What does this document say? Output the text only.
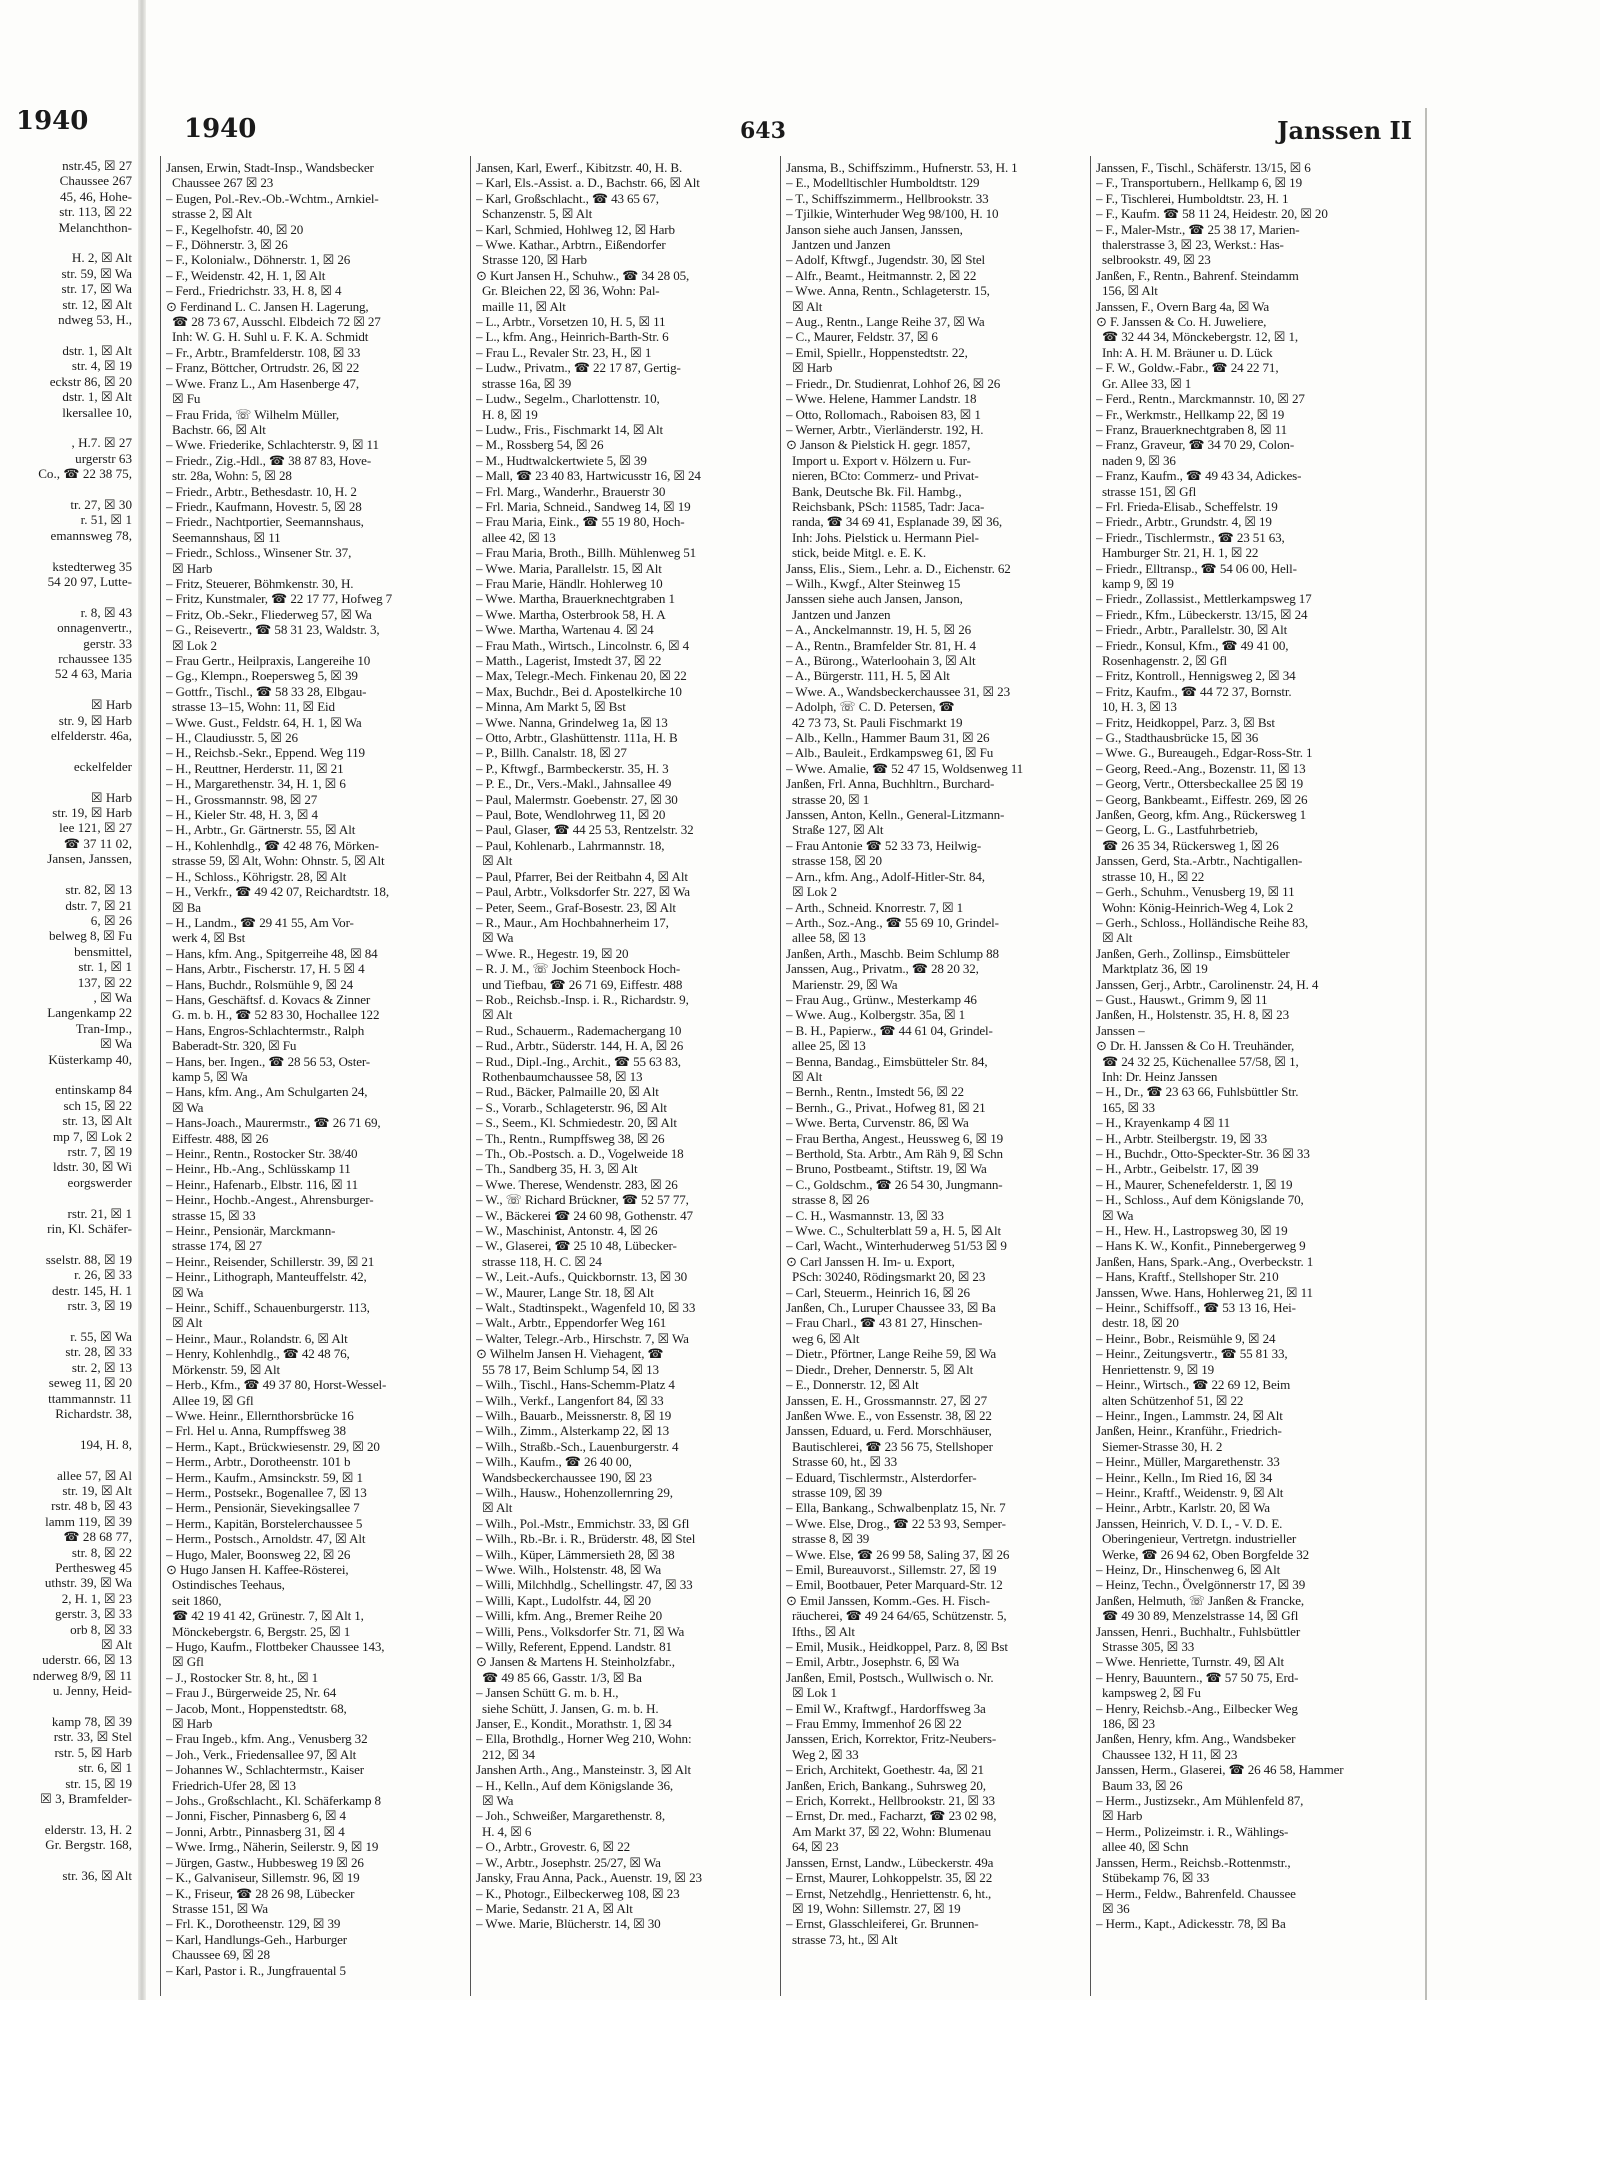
1940
nstr.45, ☒ 27
Chaussee 267
45, 46, Hohe-
str. 113, ☒ 22
Melanchthon-

H. 2, ☒ Alt
str. 59, ☒ Wa
str. 17, ☒ Wa
str. 12, ☒ Alt
ndweg 53, H.,

dstr. 1, ☒ Alt
str. 4, ☒ 19
eckstr 86, ☒ 20
dstr. 1, ☒ Alt
lkersallee 10,

, H.7. ☒ 27
urgerstr 63
Co., ☎ 22 38 75,

tr. 27, ☒ 30
r. 51, ☒ 1
emannsweg 78,

kstedterweg 35
54 20 97, Lutte-

r. 8, ☒ 43
onnagenvertr.,
gerstr. 33
rchaussee 135
52 4 63, Maria

☒ Harb
str. 9, ☒ Harb
elfelderstr. 46a,

eckelfelder

☒ Harb
str. 19, ☒ Harb
lee 121, ☒ 27
☎ 37 11 02,
Jansen, Janssen,

str. 82, ☒ 13
dstr. 7, ☒ 21
6, ☒ 26
belweg 8, ☒ Fu
bensmittel,
str. 1, ☒ 1
137, ☒ 22
, ☒ Wa
Langenkamp 22
Tran-Imp.,
☒ Wa
Küsterkamp 40,

entinskamp 84
sch 15, ☒ 22
str. 13, ☒ Alt
mp 7, ☒ Lok 2
rstr. 7, ☒ 19
ldstr. 30, ☒ Wi
eorgswerder

rstr. 21, ☒ 1
rin, Kl. Schäfer-

sselstr. 88, ☒ 19
r. 26, ☒ 33
destr. 145, H. 1
rstr. 3, ☒ 19

r. 55, ☒ Wa
str. 28, ☒ 33
str. 2, ☒ 13
seweg 11, ☒ 20
ttammannstr. 11
Richardstr. 38,

194, H. 8,

allee 57, ☒ Al
str. 19, ☒ Alt
rstr. 48 b, ☒ 43
lamm 119, ☒ 39
☎ 28 68 77,
str. 8, ☒ 22
Perthesweg 45
uthstr. 39, ☒ Wa
2, H. 1, ☒ 23
gerstr. 3, ☒ 33
orb 8, ☒ 33
☒ Alt
uderstr. 66, ☒ 13
nderweg 8/9, ☒ 11
u. Jenny, Heid-

kamp 78, ☒ 39
rstr. 33, ☒ Stel
rstr. 5, ☒ Harb
str. 6, ☒ 1
str. 15, ☒ 19
☒ 3, Bramfelder-

elderstr. 13, H. 2
Gr. Bergstr. 168,

str. 36, ☒ Alt
1940	643	Janssen II
Jansen, Erwin, Stadt-Insp., Wandsbecker
Chaussee 267 ☒ 23
– Eugen, Pol.-Rev.-Ob.-Wchtm., Arnkiel-
strasse 2, ☒ Alt
– F., Kegelhofstr. 40, ☒ 20
– F., Döhnerstr. 3, ☒ 26
– F., Kolonialw., Döhnerstr. 1, ☒ 26
– F., Weidenstr. 42, H. 1, ☒ Alt
– Ferd., Friedrichstr. 33, H. 8, ☒ 4
⊙ Ferdinand L. C. Jansen H. Lagerung,
☎ 28 73 67, Ausschl. Elbdeich 72 ☒ 27
Inh: W. G. H. Suhl u. F. K. A. Schmidt
– Fr., Arbtr., Bramfelderstr. 108, ☒ 33
– Franz, Böttcher, Ortrudstr. 26, ☒ 22
– Wwe. Franz L., Am Hasenberge 47,
☒ Fu
– Frau Frida, ☏ Wilhelm Müller,
Bachstr. 66, ☒ Alt
– Wwe. Friederike, Schlachterstr. 9, ☒ 11
– Friedr., Zig.-Hdl., ☎ 38 87 83, Hove-
str. 28a, Wohn: 5, ☒ 28
– Friedr., Arbtr., Bethesdastr. 10, H. 2
– Friedr., Kaufmann, Hovestr. 5, ☒ 28
– Friedr., Nachtportier, Seemannshaus,
Seemannshaus, ☒ 11
– Friedr., Schloss., Winsener Str. 37,
☒ Harb
– Fritz, Steuerer, Böhmkenstr. 30, H.
– Fritz, Kunstmaler, ☎ 22 17 77, Hofweg 7
– Fritz, Ob.-Sekr., Fliederweg 57, ☒ Wa
– G., Reisevertr., ☎ 58 31 23, Waldstr. 3,
☒ Lok 2
– Frau Gertr., Heilpraxis, Langereihe 10
– Gg., Klempn., Roepersweg 5, ☒ 39
– Gottfr., Tischl., ☎ 58 33 28, Elbgau-
strasse 13–15, Wohn: 11, ☒ Eid
– Wwe. Gust., Feldstr. 64, H. 1, ☒ Wa
– H., Claudiusstr. 5, ☒ 26
– H., Reichsb.-Sekr., Eppend. Weg 119
– H., Reuttner, Herderstr. 11, ☒ 21
– H., Margarethenstr. 34, H. 1, ☒ 6
– H., Grossmannstr. 98, ☒ 27
– H., Kieler Str. 48, H. 3, ☒ 4
– H., Arbtr., Gr. Gärtnerstr. 55, ☒ Alt
– H., Kohlenhdlg., ☎ 42 48 76, Mörken-
strasse 59, ☒ Alt, Wohn: Ohnstr. 5, ☒ Alt
– H., Schloss., Köhrigstr. 28, ☒ Alt
– H., Verkfr., ☎ 49 42 07, Reichardtstr. 18,
☒ Ba
– H., Landm., ☎ 29 41 55, Am Vor-
werk 4, ☒ Bst
– Hans, kfm. Ang., Spitgerreihe 48, ☒ 84
– Hans, Arbtr., Fischerstr. 17, H. 5 ☒ 4
– Hans, Buchdr., Rolsmühle 9, ☒ 24
– Hans, Geschäftsf. d. Kovacs & Zinner
G. m. b. H., ☎ 52 83 30, Hochallee 122
– Hans, Engros-Schlachtermstr., Ralph
Baberadt-Str. 320, ☒ Fu
– Hans, ber. Ingen., ☎ 28 56 53, Oster-
kamp 5, ☒ Wa
– Hans, kfm. Ang., Am Schulgarten 24,
☒ Wa
– Hans-Joach., Maurermstr., ☎ 26 71 69,
Eiffestr. 488, ☒ 26
– Heinr., Rentn., Rostocker Str. 38/40
– Heinr., Hb.-Ang., Schlüsskamp 11
– Heinr., Hafenarb., Elbstr. 116, ☒ 11
– Heinr., Hochb.-Angest., Ahrensburger-
strasse 15, ☒ 33
– Heinr., Pensionär, Marckmann-
strasse 174, ☒ 27
– Heinr., Reisender, Schillerstr. 39, ☒ 21
– Heinr., Lithograph, Manteuffelstr. 42,
☒ Wa
– Heinr., Schiff., Schauenburgerstr. 113,
☒ Alt
– Heinr., Maur., Rolandstr. 6, ☒ Alt
– Henry, Kohlenhdlg., ☎ 42 48 76,
Mörkenstr. 59, ☒ Alt
– Herb., Kfm., ☎ 49 37 80, Horst-Wessel-
Allee 19, ☒ Gfl
– Wwe. Heinr., Ellernthorsbrücke 16
– Frl. Hel u. Anna, Rumpffsweg 38
– Herm., Kapt., Brückwiesenstr. 29, ☒ 20
– Herm., Arbtr., Dorotheenstr. 101 b
– Herm., Kaufm., Amsinckstr. 59, ☒ 1
– Herm., Postsekr., Bogenallee 7, ☒ 13
– Herm., Pensionär, Sievekingsallee 7
– Herm., Kapitän, Borstelerchaussee 5
– Herm., Postsch., Arnoldstr. 47, ☒ Alt
– Hugo, Maler, Boonsweg 22, ☒ 26
⊙ Hugo Jansen H. Kaffee-Rösterei,
Ostindisches Teehaus,
seit 1860,
☎ 42 19 41 42, Grünestr. 7, ☒ Alt 1,
Mönckebergstr. 6, Bergstr. 25, ☒ 1
– Hugo, Kaufm., Flottbeker Chaussee 143,
☒ Gfl
– J., Rostocker Str. 8, ht., ☒ 1
– Frau J., Bürgerweide 25, Nr. 64
– Jacob, Mont., Hoppenstedtstr. 68,
☒ Harb
– Frau Ingeb., kfm. Ang., Venusberg 32
– Joh., Verk., Friedensallee 97, ☒ Alt
– Johannes W., Schlachtermstr., Kaiser
Friedrich-Ufer 28, ☒ 13
– Johs., Großschlacht., Kl. Schäferkamp 8
– Jonni, Fischer, Pinnasberg 6, ☒ 4
– Jonni, Arbtr., Pinnasberg 31, ☒ 4
– Wwe. Irmg., Näherin, Seilerstr. 9, ☒ 19
– Jürgen, Gastw., Hubbesweg 19 ☒ 26
– K., Galvaniseur, Sillemstr. 96, ☒ 19
– K., Friseur, ☎ 28 26 98, Lübecker
Strasse 151, ☒ Wa
– Frl. K., Dorotheenstr. 129, ☒ 39
– Karl, Handlungs-Geh., Harburger
Chaussee 69, ☒ 28
– Karl, Pastor i. R., Jungfrauental 5
Jansen, Karl, Ewerf., Kibitzstr. 40, H. B.
– Karl, Els.-Assist. a. D., Bachstr. 66, ☒ Alt
– Karl, Großschlacht., ☎ 43 65 67,
Schanzenstr. 5, ☒ Alt
– Karl, Schmied, Hohlweg 12, ☒ Harb
– Wwe. Kathar., Arbtrn., Eißendorfer
Strasse 120, ☒ Harb
⊙ Kurt Jansen H., Schuhw., ☎ 34 28 05,
Gr. Bleichen 22, ☒ 36, Wohn: Pal-
maille 11, ☒ Alt
– L., Arbtr., Vorsetzen 10, H. 5, ☒ 11
– L., kfm. Ang., Heinrich-Barth-Str. 6
– Frau L., Revaler Str. 23, H., ☒ 1
– Ludw., Privatm., ☎ 22 17 87, Gertig-
strasse 16a, ☒ 39
– Ludw., Segelm., Charlottenstr. 10,
H. 8, ☒ 19
– Ludw., Fris., Fischmarkt 14, ☒ Alt
– M., Rossberg 54, ☒ 26
– M., Hudtwalckertwiete 5, ☒ 39
– Mall, ☎ 23 40 83, Hartwicusstr 16, ☒ 24
– Frl. Marg., Wanderhr., Brauerstr 30
– Frl. Maria, Schneid., Sandweg 14, ☒ 19
– Frau Maria, Eink., ☎ 55 19 80, Hoch-
allee 42, ☒ 13
– Frau Maria, Broth., Billh. Mühlenweg 51
– Wwe. Maria, Parallelstr. 15, ☒ Alt
– Frau Marie, Händlr. Hohlerweg 10
– Wwe. Martha, Brauerknechtgraben 1
– Wwe. Martha, Osterbrook 58, H. A
– Wwe. Martha, Wartenau 4. ☒ 24
– Frau Math., Wirtsch., Lincolnstr. 6, ☒ 4
– Matth., Lagerist, Imstedt 37, ☒ 22
– Max, Telegr.-Mech. Finkenau 20, ☒ 22
– Max, Buchdr., Bei d. Apostelkirche 10
– Minna, Am Markt 5, ☒ Bst
– Wwe. Nanna, Grindelweg 1a, ☒ 13
– Otto, Arbtr., Glashüttenstr. 111a, H. B
– P., Billh. Canalstr. 18, ☒ 27
– P., Kftwgf., Barmbeckerstr. 35, H. 3
– P. E., Dr., Vers.-Makl., Jahnsallee 49
– Paul, Malermstr. Goebenstr. 27, ☒ 30
– Paul, Bote, Wendlohrweg 11, ☒ 20
– Paul, Glaser, ☎ 44 25 53, Rentzelstr. 32
– Paul, Kohlenarb., Lahrmannstr. 18,
☒ Alt
– Paul, Pfarrer, Bei der Reitbahn 4, ☒ Alt
– Paul, Arbtr., Volksdorfer Str. 227, ☒ Wa
– Peter, Seem., Graf-Bosestr. 23, ☒ Alt
– R., Maur., Am Hochbahnerheim 17,
☒ Wa
– Wwe. R., Hegestr. 19, ☒ 20
– R. J. M., ☏ Jochim Steenbock Hoch-
und Tiefbau, ☎ 26 71 69, Eiffestr. 488
– Rob., Reichsb.-Insp. i. R., Richardstr. 9,
☒ Alt
– Rud., Schauerm., Rademachergang 10
– Rud., Arbtr., Süderstr. 144, H. A, ☒ 26
– Rud., Dipl.-Ing., Archit., ☎ 55 63 83,
Rothenbaumchaussee 58, ☒ 13
– Rud., Bäcker, Palmaille 20, ☒ Alt
– S., Vorarb., Schlageterstr. 96, ☒ Alt
– S., Seem., Kl. Schmiedestr. 20, ☒ Alt
– Th., Rentn., Rumpffsweg 38, ☒ 26
– Th., Ob.-Postsch. a. D., Vogelweide 18
– Th., Sandberg 35, H. 3, ☒ Alt
– Wwe. Therese, Wendenstr. 283, ☒ 26
– W., ☏ Richard Brückner, ☎ 52 57 77,
– W., Bäckerei ☎ 24 60 98, Gothenstr. 47
– W., Maschinist, Antonstr. 4, ☒ 26
– W., Glaserei, ☎ 25 10 48, Lübecker-
strasse 118, H. C. ☒ 24
– W., Leit.-Aufs., Quickbornstr. 13, ☒ 30
– W., Maurer, Lange Str. 18, ☒ Alt
– Walt., Stadtinspekt., Wagenfeld 10, ☒ 33
– Walt., Arbtr., Eppendorfer Weg 161
– Walter, Telegr.-Arb., Hirschstr. 7, ☒ Wa
⊙ Wilhelm Jansen H. Viehagent, ☎
55 78 17, Beim Schlump 54, ☒ 13
– Wilh., Tischl., Hans-Schemm-Platz 4
– Wilh., Verkf., Langenfort 84, ☒ 33
– Wilh., Bauarb., Meissnerstr. 8, ☒ 19
– Wilh., Zimm., Alsterkamp 22, ☒ 13
– Wilh., Straßb.-Sch., Lauenburgerstr. 4
– Wilh., Kaufm., ☎ 26 40 00,
Wandsbeckerchaussee 190, ☒ 23
– Wilh., Hausw., Hohenzollernring 29,
☒ Alt
– Wilh., Pol.-Mstr., Emmichstr. 33, ☒ Gfl
– Wilh., Rb.-Br. i. R., Brüderstr. 48, ☒ Stel
– Wilh., Küper, Lämmersieth 28, ☒ 38
– Wwe. Wilh., Holstenstr. 48, ☒ Wa
– Willi, Milchhdlg., Schellingstr. 47, ☒ 33
– Willi, Kapt., Ludolfstr. 44, ☒ 20
– Willi, kfm. Ang., Bremer Reihe 20
– Willi, Pens., Volksdorfer Str. 71, ☒ Wa
– Willy, Referent, Eppend. Landstr. 81
⊙ Jansen & Martens H. Steinholzfabr.,
☎ 49 85 66, Gasstr. 1/3, ☒ Ba
– Jansen Schütt G. m. b. H.,
siehe Schütt, J. Jansen, G. m. b. H.
Janser, E., Kondit., Morathstr. 1, ☒ 34
– Ella, Brothdlg., Horner Weg 210, Wohn:
212, ☒ 34
Janshen Arth., Ang., Mansteinstr. 3, ☒ Alt
– H., Kelln., Auf dem Königslande 36,
☒ Wa
– Joh., Schweißer, Margarethenstr. 8,
H. 4, ☒ 6
– O., Arbtr., Grovestr. 6, ☒ 22
– W., Arbtr., Josephstr. 25/27, ☒ Wa
Jansky, Frau Anna, Pack., Auenstr. 19, ☒ 23
– K., Photogr., Eilbeckerweg 108, ☒ 23
– Marie, Sedanstr. 21 A, ☒ Alt
– Wwe. Marie, Blücherstr. 14, ☒ 30
Jansma, B., Schiffszimm., Hufnerstr. 53, H. 1
– E., Modelltischler Humboldtstr. 129
– T., Schiffszimmerm., Hellbrookstr. 33
– Tjilkie, Winterhuder Weg 98/100, H. 10
Janson siehe auch Jansen, Janssen,
Jantzen und Janzen
– Adolf, Kftwgf., Jugendstr. 30, ☒ Stel
– Alfr., Beamt., Heitmannstr. 2, ☒ 22
– Wwe. Anna, Rentn., Schlageterstr. 15,
☒ Alt
– Aug., Rentn., Lange Reihe 37, ☒ Wa
– C., Maurer, Feldstr. 37, ☒ 6
– Emil, Spiellr., Hoppenstedtstr. 22,
☒ Harb
– Friedr., Dr. Studienrat, Lohhof 26, ☒ 26
– Wwe. Helene, Hammer Landstr. 18
– Otto, Rollomach., Raboisen 83, ☒ 1
– Werner, Arbtr., Vierländerstr. 192, H.
⊙ Janson & Pielstick H. gegr. 1857,
Import u. Export v. Hölzern u. Fur-
nieren, BCto: Commerz- und Privat-
Bank, Deutsche Bk. Fil. Hambg.,
Reichsbank, PSch: 11585, Tadr: Jaca-
randa, ☎ 34 69 41, Esplanade 39, ☒ 36,
Inh: Johs. Pielstick u. Hermann Piel-
stick, beide Mitgl. e. E. K.
Janss, Elis., Siem., Lehr. a. D., Eichenstr. 62
– Wilh., Kwgf., Alter Steinweg 15
Janssen siehe auch Jansen, Janson,
Jantzen und Janzen
– A., Anckelmannstr. 19, H. 5, ☒ 26
– A., Rentn., Bramfelder Str. 81, H. 4
– A., Bürong., Waterloohain 3, ☒ Alt
– A., Bürgerstr. 111, H. 5, ☒ Alt
– Wwe. A., Wandsbeckerchaussee 31, ☒ 23
– Adolph, ☏ C. D. Petersen, ☎
42 73 73, St. Pauli Fischmarkt 19
– Alb., Kelln., Hammer Baum 31, ☒ 26
– Alb., Bauleit., Erdkampsweg 61, ☒ Fu
– Wwe. Amalie, ☎ 52 47 15, Woldsenweg 11
Janßen, Frl. Anna, Buchhltrn., Burchard-
strasse 20, ☒ 1
Janssen, Anton, Kelln., General-Litzmann-
Straße 127, ☒ Alt
– Frau Antonie ☎ 52 33 73, Heilwig-
strasse 158, ☒ 20
– Arn., kfm. Ang., Adolf-Hitler-Str. 84,
☒ Lok 2
– Arth., Schneid. Knorrestr. 7, ☒ 1
– Arth., Soz.-Ang., ☎ 55 69 10, Grindel-
allee 58, ☒ 13
Janßen, Arth., Maschb. Beim Schlump 88
Janssen, Aug., Privatm., ☎ 28 20 32,
Marienstr. 29, ☒ Wa
– Frau Aug., Grünw., Mesterkamp 46
– Wwe. Aug., Kolbergstr. 35a, ☒ 1
– B. H., Papierw., ☎ 44 61 04, Grindel-
allee 25, ☒ 13
– Benna, Bandag., Eimsbütteler Str. 84,
☒ Alt
– Bernh., Rentn., Imstedt 56, ☒ 22
– Bernh., G., Privat., Hofweg 81, ☒ 21
– Wwe. Berta, Curvenstr. 86, ☒ Wa
– Frau Bertha, Angest., Heussweg 6, ☒ 19
– Berthold, Sta. Arbtr., Am Räh 9, ☒ Schn
– Bruno, Postbeamt., Stiftstr. 19, ☒ Wa
– C., Goldschm., ☎ 26 54 30, Jungmann-
strasse 8, ☒ 26
– C. H., Wasmannstr. 13, ☒ 33
– Wwe. C., Schulterblatt 59 a, H. 5, ☒ Alt
– Carl, Wacht., Winterhuderweg 51/53 ☒ 9
⊙ Carl Janssen H. Im- u. Export,
PSch: 30240, Rödingsmarkt 20, ☒ 23
– Carl, Steuerm., Heinrich 16, ☒ 26
Janßen, Ch., Luruper Chaussee 33, ☒ Ba
– Frau Charl., ☎ 43 81 27, Hinschen-
weg 6, ☒ Alt
– Dietr., Pförtner, Lange Reihe 59, ☒ Wa
– Diedr., Dreher, Dennerstr. 5, ☒ Alt
– E., Donnerstr. 12, ☒ Alt
Janssen, E. H., Grossmannstr. 27, ☒ 27
Janßen Wwe. E., von Essenstr. 38, ☒ 22
Janssen, Eduard, u. Ferd. Morschhäuser,
Bautischlerei, ☎ 23 56 75, Stellshoper
Strasse 60, ht., ☒ 33
– Eduard, Tischlermstr., Alsterdorfer-
strasse 109, ☒ 39
– Ella, Bankang., Schwalbenplatz 15, Nr. 7
– Wwe. Else, Drog., ☎ 22 53 93, Semper-
strasse 8, ☒ 39
– Wwe. Else, ☎ 26 99 58, Saling 37, ☒ 26
– Emil, Bureauvorst., Sillemstr. 27, ☒ 19
– Emil, Bootbauer, Peter Marquard-Str. 12
⊙ Emil Janssen, Komm.-Ges. H. Fisch-
räucherei, ☎ 49 24 64/65, Schützenstr. 5,
Ifths., ☒ Alt
– Emil, Musik., Heidkoppel, Parz. 8, ☒ Bst
– Emil, Arbtr., Josephstr. 6, ☒ Wa
Janßen, Emil, Postsch., Wullwisch o. Nr.
☒ Lok 1
– Emil W., Kraftwgf., Hardorffsweg 3a
– Frau Emmy, Immenhof 26 ☒ 22
Janssen, Erich, Korrektor, Fritz-Neubers-
Weg 2, ☒ 33
– Erich, Architekt, Goethestr. 4a, ☒ 21
Janßen, Erich, Bankang., Suhrsweg 20,
– Erich, Korrekt., Hellbrookstr. 21, ☒ 33
– Ernst, Dr. med., Facharzt, ☎ 23 02 98,
Am Markt 37, ☒ 22, Wohn: Blumenau
64, ☒ 23
Janssen, Ernst, Landw., Lübeckerstr. 49a
– Ernst, Maurer, Lohkoppelstr. 35, ☒ 22
– Ernst, Netzehdlg., Henriettenstr. 6, ht.,
☒ 19, Wohn: Sillemstr. 27, ☒ 19
– Ernst, Glasschleiferei, Gr. Brunnen-
strasse 73, ht., ☒ Alt
Janssen, F., Tischl., Schäferstr. 13/15, ☒ 6
– F., Transportubern., Hellkamp 6, ☒ 19
– F., Tischlerei, Humboldtstr. 23, H. 1
– F., Kaufm. ☎ 58 11 24, Heidestr. 20, ☒ 20
– F., Maler-Mstr., ☎ 25 38 17, Marien-
thalerstrasse 3, ☒ 23, Werkst.: Has-
selbrookstr. 49, ☒ 23
Janßen, F., Rentn., Bahrenf. Steindamm
156, ☒ Alt
Janssen, F., Overn Barg 4a, ☒ Wa
⊙ F. Janssen & Co. H. Juweliere,
☎ 32 44 34, Mönckebergstr. 12, ☒ 1,
Inh: A. H. M. Bräuner u. D. Lück
– F. W., Goldw.-Fabr., ☎ 24 22 71,
Gr. Allee 33, ☒ 1
– Ferd., Rentn., Marckmannstr. 10, ☒ 27
– Fr., Werkmstr., Hellkamp 22, ☒ 19
– Franz, Brauerknechtgraben 8, ☒ 11
– Franz, Graveur, ☎ 34 70 29, Colon-
naden 9, ☒ 36
– Franz, Kaufm., ☎ 49 43 34, Adickes-
strasse 151, ☒ Gfl
– Frl. Frieda-Elisab., Scheffelstr. 19
– Friedr., Arbtr., Grundstr. 4, ☒ 19
– Friedr., Tischlermstr., ☎ 23 51 63,
Hamburger Str. 21, H. 1, ☒ 22
– Friedr., Elltransp., ☎ 54 06 00, Hell-
kamp 9, ☒ 19
– Friedr., Zollassist., Mettlerkampsweg 17
– Friedr., Kfm., Lübeckerstr. 13/15, ☒ 24
– Friedr., Arbtr., Parallelstr. 30, ☒ Alt
– Friedr., Konsul, Kfm., ☎ 49 41 00,
Rosenhagenstr. 2, ☒ Gfl
– Fritz, Kontroll., Hennigsweg 2, ☒ 34
– Fritz, Kaufm., ☎ 44 72 37, Bornstr.
10, H. 3, ☒ 13
– Fritz, Heidkoppel, Parz. 3, ☒ Bst
– G., Stadthausbrücke 15, ☒ 36
– Wwe. G., Bureaugeh., Edgar-Ross-Str. 1
– Georg, Reed.-Ang., Bozenstr. 11, ☒ 13
– Georg, Vertr., Ottersbeckallee 25 ☒ 19
– Georg, Bankbeamt., Eiffestr. 269, ☒ 26
Janßen, Georg, kfm. Ang., Rückersweg 1
– Georg, L. G., Lastfuhrbetrieb,
☎ 26 35 34, Rückersweg 1, ☒ 26
Janssen, Gerd, Sta.-Arbtr., Nachtigallen-
strasse 10, H., ☒ 22
– Gerh., Schuhm., Venusberg 19, ☒ 11
Wohn: König-Heinrich-Weg 4, Lok 2
– Gerh., Schloss., Holländische Reihe 83,
☒ Alt
Janßen, Gerh., Zollinsp., Eimsbütteler
Marktplatz 36, ☒ 19
Janssen, Gerj., Arbtr., Carolinenstr. 24, H. 4
– Gust., Hauswt., Grimm 9, ☒ 11
Janßen, H., Holstenstr. 35, H. 8, ☒ 23
Janssen –
⊙ Dr. H. Janssen & Co H. Treuhänder,
☎ 24 32 25, Küchenallee 57/58, ☒ 1,
Inh: Dr. Heinz Janssen
– H., Dr., ☎ 23 63 66, Fuhlsbüttler Str.
165, ☒ 33
– H., Krayenkamp 4 ☒ 11
– H., Arbtr. Steilbergstr. 19, ☒ 33
– H., Buchdr., Otto-Speckter-Str. 36 ☒ 33
– H., Arbtr., Geibelstr. 17, ☒ 39
– H., Maurer, Schenefelderstr. 1, ☒ 19
– H., Schloss., Auf dem Königslande 70,
☒ Wa
– H., Hew. H., Lastropsweg 30, ☒ 19
– Hans K. W., Konfit., Pinnebergerweg 9
Janßen, Hans, Spark.-Ang., Overbeckstr. 1
– Hans, Kraftf., Stellshoper Str. 210
Janssen, Wwe. Hans, Hohlerweg 21, ☒ 11
– Heinr., Schiffsoff., ☎ 53 13 16, Hei-
destr. 18, ☒ 20
– Heinr., Bobr., Reismühle 9, ☒ 24
– Heinr., Zeitungsvertr., ☎ 55 81 33,
Henriettenstr. 9, ☒ 19
– Heinr., Wirtsch., ☎ 22 69 12, Beim
alten Schützenhof 51, ☒ 22
– Heinr., Ingen., Lammstr. 24, ☒ Alt
Janßen, Heinr., Kranführ., Friedrich-
Siemer-Strasse 30, H. 2
– Heinr., Müller, Margarethenstr. 33
– Heinr., Kelln., Im Ried 16, ☒ 34
– Heinr., Kraftf., Weidenstr. 9, ☒ Alt
– Heinr., Arbtr., Karlstr. 20, ☒ Wa
Janssen, Heinrich, V. D. I., - V. D. E.
Oberingenieur, Vertretgn. industrieller
Werke, ☎ 26 94 62, Oben Borgfelde 32
– Heinz, Dr., Hinschenweg 6, ☒ Alt
– Heinz, Techn., Övelgönnerstr 17, ☒ 39
Janßen, Helmuth, ☏ Janßen & Francke,
☎ 49 30 89, Menzelstrasse 14, ☒ Gfl
Janssen, Henri., Buchhaltr., Fuhlsbüttler
Strasse 305, ☒ 33
– Wwe. Henriette, Turnstr. 49, ☒ Alt
– Henry, Bauuntern., ☎ 57 50 75, Erd-
kampsweg 2, ☒ Fu
– Henry, Reichsb.-Ang., Eilbecker Weg
186, ☒ 23
Janßen, Henry, kfm. Ang., Wandsbeker
Chaussee 132, H 11, ☒ 23
Janssen, Herm., Glaserei, ☎ 26 46 58, Hammer
Baum 33, ☒ 26
– Herm., Justizsekr., Am Mühlenfeld 87,
☒ Harb
– Herm., Polizeimstr. i. R., Wählings-
allee 40, ☒ Schn
Janssen, Herm., Reichsb.-Rottenmstr.,
Stübekamp 76, ☒ 33
– Herm., Feldw., Bahrenfeld. Chaussee
☒ 36
– Herm., Kapt., Adickesstr. 78, ☒ Ba
